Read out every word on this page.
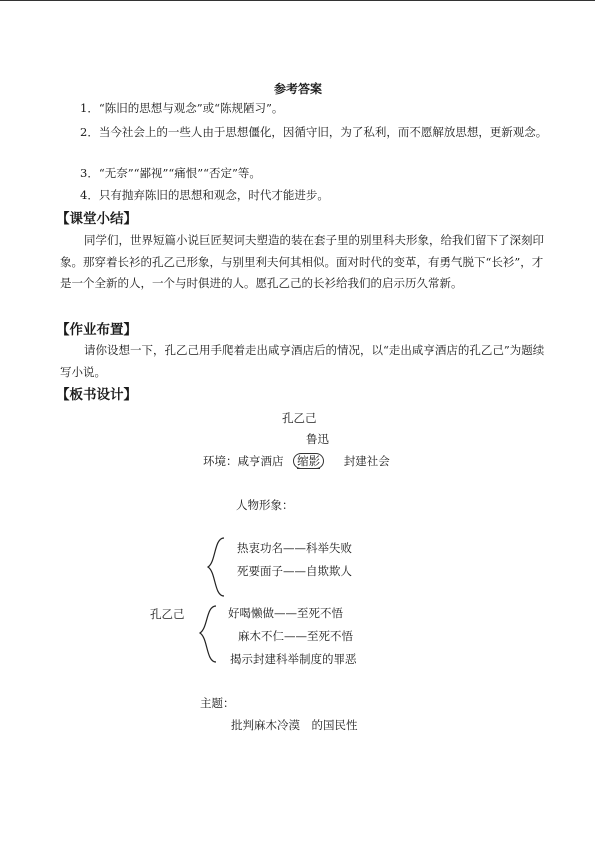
参考答案
1．“陈旧的思想与观念”或“陈规陋习”。
2．当今社会上的一些人由于思想僵化，因循守旧，为了私利，而不愿解放思想，更新观念。
3．“无奈”“鄙视”“痛恨”“否定”等。
4．只有抛弃陈旧的思想和观念，时代才能进步。
【课堂小结】
同学们，世界短篇小说巨匠契诃夫塑造的装在套子里的别里科夫形象，给我们留下了深刻印象。那穿着长衫的孔乙己形象，与别里利夫何其相似。面对时代的变革，有勇气脱下“长衫”，才是一个全新的人，一个与时俱进的人。愿孔乙己的长衫给我们的启示历久常新。
【作业布置】
请你设想一下，孔乙己用手爬着走出咸亨酒店后的情况，以“走出咸亨酒店的孔乙己”为题续写小说。
【板书设计】
孔乙己
鲁迅
环境：咸亨酒店 缩影 封建社会
人物形象：
热衷功名——科举失败
死要面子——自欺欺人
孔乙己	好喝懒做——至死不悟
麻木不仁——至死不悟
揭示封建科举制度的罪恶
主题：
批判麻木冷漠　的国民性
